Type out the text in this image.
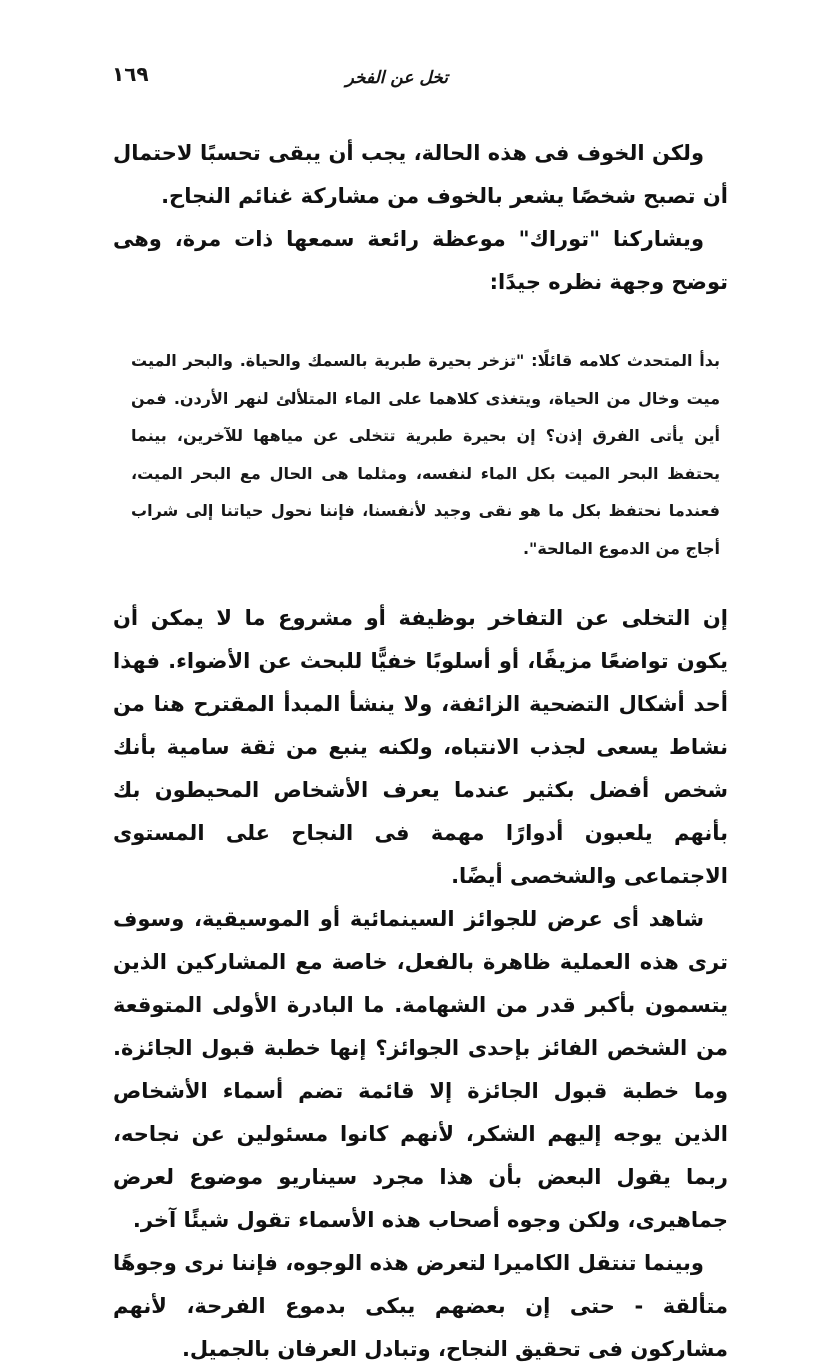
تخل عن الفخر
١٦٩

ولكن الخوف فى هذه الحالة، يجب أن يبقى تحسبًا لاحتمال أن تصبح شخصًا يشعر بالخوف من مشاركة غنائم النجاح.

ويشاركنا "توراك" موعظة رائعة سمعها ذات مرة، وهى توضح وجهة نظره جيدًا:

بدأ المتحدث كلامه قائلًا: "تزخر بحيرة طبرية بالسمك والحياة. والبحر الميت ميت وخال من الحياة، ويتغذى كلاهما على الماء المتلألئ لنهر الأردن. فمن أين يأتى الفرق إذن؟ إن بحيرة طبرية تتخلى عن مياهها للآخرين، بينما يحتفظ البحر الميت بكل الماء لنفسه، ومثلما هى الحال مع البحر الميت، فعندما نحتفظ بكل ما هو نقى وجيد لأنفسنا، فإننا نحول حياتنا إلى شراب أجاج من الدموع المالحة".

إن التخلى عن التفاخر بوظيفة أو مشروع ما لا يمكن أن يكون تواضعًا مزيفًا، أو أسلوبًا خفيًّا للبحث عن الأضواء. فهذا أحد أشكال التضحية الزائفة، ولا ينشأ المبدأ المقترح هنا من نشاط يسعى لجذب الانتباه، ولكنه ينبع من ثقة سامية بأنك شخص أفضل بكثير عندما يعرف الأشخاص المحيطون بك بأنهم يلعبون أدوارًا مهمة فى النجاح على المستوى الاجتماعى والشخصى أيضًا.

شاهد أى عرض للجوائز السينمائية أو الموسيقية، وسوف ترى هذه العملية ظاهرة بالفعل، خاصة مع المشاركين الذين يتسمون بأكبر قدر من الشهامة. ما البادرة الأولى المتوقعة من الشخص الفائز بإحدى الجوائز؟ إنها خطبة قبول الجائزة. وما خطبة قبول الجائزة إلا قائمة تضم أسماء الأشخاص الذين يوجه إليهم الشكر، لأنهم كانوا مسئولين عن نجاحه، ربما يقول البعض بأن هذا مجرد سيناريو موضوع لعرض جماهيرى، ولكن وجوه أصحاب هذه الأسماء تقول شيئًا آخر.

وبينما تنتقل الكاميرا لتعرض هذه الوجوه، فإننا نرى وجوهًا متألقة - حتى إن بعضهم يبكى بدموع الفرحة، لأنهم مشاركون فى تحقيق النجاح، وتبادل العرفان بالجميل.
